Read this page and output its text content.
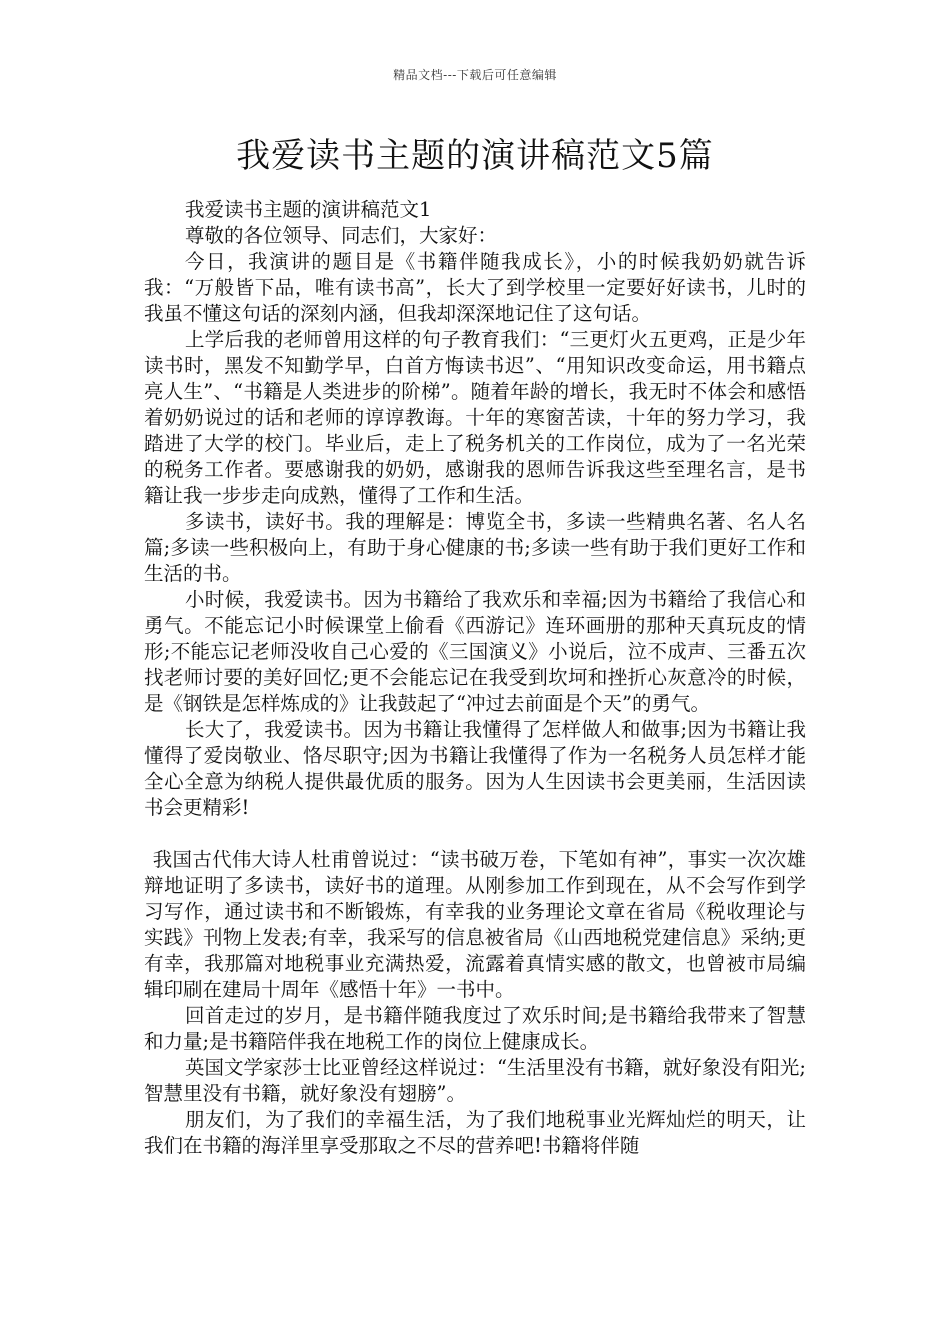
精品文档---下载后可任意编辑
我爱读书主题的演讲稿范文5篇

我爱读书主题的演讲稿范文1

尊敬的各位领导、同志们，大家好：

今日，我演讲的题目是《书籍伴随我成长》，小的时候我奶奶就告诉我：“万般皆下品，唯有读书高”，长大了到学校里一定要好好读书，儿时的我虽不懂这句话的深刻内涵，但我却深深地记住了这句话。

上学后我的老师曾用这样的句子教育我们：“三更灯火五更鸡，正是少年读书时，黑发不知勤学早，白首方悔读书迟”、“用知识改变命运，用书籍点亮人生”、“书籍是人类进步的阶梯”。随着年龄的增长，我无时不体会和感悟着奶奶说过的话和老师的谆谆教诲。十年的寒窗苦读，十年的努力学习，我踏进了大学的校门。毕业后，走上了税务机关的工作岗位，成为了一名光荣的税务工作者。要感谢我的奶奶，感谢我的恩师告诉我这些至理名言，是书籍让我一步步走向成熟，懂得了工作和生活。

多读书，读好书。我的理解是：博览全书，多读一些精典名著、名人名篇;多读一些积极向上，有助于身心健康的书;多读一些有助于我们更好工作和生活的书。

小时候，我爱读书。因为书籍给了我欢乐和幸福;因为书籍给了我信心和勇气。不能忘记小时候课堂上偷看《西游记》连环画册的那种天真玩皮的情形;不能忘记老师没收自己心爱的《三国演义》小说后，泣不成声、三番五次找老师讨要的美好回忆;更不会能忘记在我受到坎坷和挫折心灰意冷的时候，是《钢铁是怎样炼成的》让我鼓起了“冲过去前面是个天”的勇气。

长大了，我爱读书。因为书籍让我懂得了怎样做人和做事;因为书籍让我懂得了爱岗敬业、恪尽职守;因为书籍让我懂得了作为一名税务人员怎样才能全心全意为纳税人提供最优质的服务。因为人生因读书会更美丽，生活因读书会更精彩!

我国古代伟大诗人杜甫曾说过：“读书破万卷，下笔如有神”，事实一次次雄辩地证明了多读书，读好书的道理。从刚参加工作到现在，从不会写作到学习写作，通过读书和不断锻炼，有幸我的业务理论文章在省局《税收理论与实践》刊物上发表;有幸，我采写的信息被省局《山西地税党建信息》采纳;更有幸，我那篇对地税事业充满热爱，流露着真情实感的散文，也曾被市局编辑印刷在建局十周年《感悟十年》一书中。

回首走过的岁月，是书籍伴随我度过了欢乐时间;是书籍给我带来了智慧和力量;是书籍陪伴我在地税工作的岗位上健康成长。

英国文学家莎士比亚曾经这样说过：“生活里没有书籍，就好象没有阳光;智慧里没有书籍，就好象没有翅膀”。

朋友们，为了我们的幸福生活，为了我们地税事业光辉灿烂的明天，让我们在书籍的海洋里享受那取之不尽的营养吧!书籍将伴随
